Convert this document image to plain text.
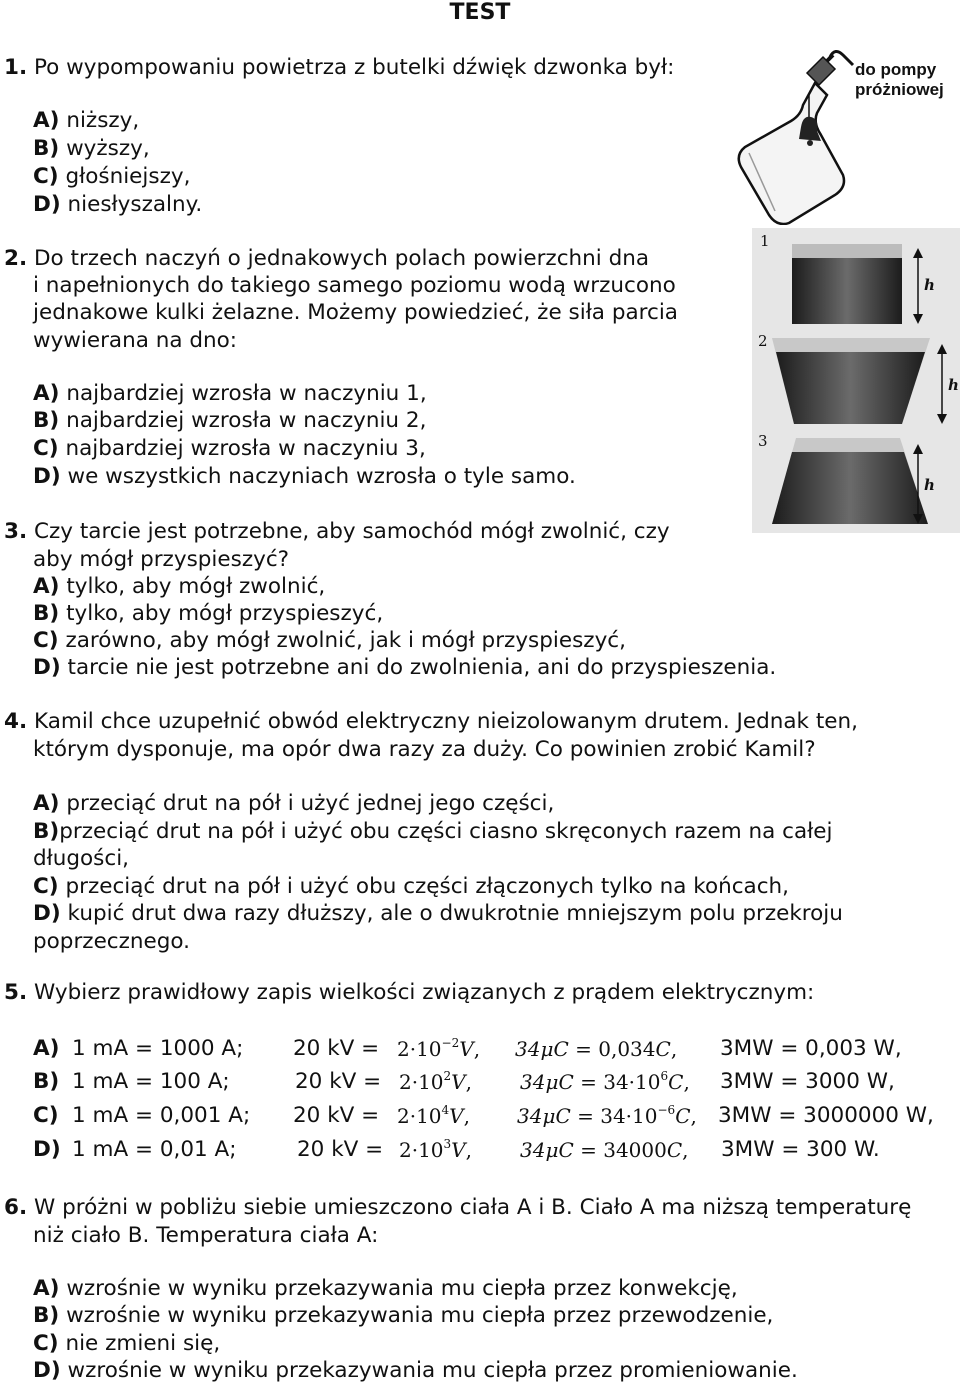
TEST
1. Po wypompowaniu powietrza z butelki dźwięk dzwonka był:
A) niższy,
B) wyższy,
C) głośniejszy,
D) niesłyszalny.
do pompy
próżniowej
2. Do trzech naczyń o jednakowych polach powierzchni dna
i napełnionych do takiego samego poziomu wodą wrzucono
jednakowe kulki żelazne. Możemy powiedzieć, że siła parcia
wywierana na dno:
A) najbardziej wzrosła w naczyniu 1,
B) najbardziej wzrosła w naczyniu 2,
C) najbardziej wzrosła w naczyniu 3,
D) we wszystkich naczyniach wzrosła o tyle samo.
1
2
3
h
h
h
3. Czy tarcie jest potrzebne, aby samochód mógł zwolnić, czy
aby mógł przyspieszyć?
A) tylko, aby mógł zwolnić,
B) tylko, aby mógł przyspieszyć,
C) zarówno, aby mógł zwolnić, jak i mógł przyspieszyć,
D) tarcie nie jest potrzebne ani do zwolnienia, ani do przyspieszenia.
4. Kamil chce uzupełnić obwód elektryczny nieizolowanym drutem. Jednak ten,
którym dysponuje, ma opór dwa razy za duży. Co powinien zrobić Kamil?
A) przeciąć drut na pół i użyć jednej jego części,
B)przeciąć drut na pół i użyć obu części ciasno skręconych razem na całej
długości,
C) przeciąć drut na pół i użyć obu części złączonych tylko na końcach,
D) kupić drut dwa razy dłuższy, ale o dwukrotnie mniejszym polu przekroju
poprzecznego.
5. Wybierz prawidłowy zapis wielkości związanych z prądem elektrycznym:
A) 1 mA = 1000 A; 20 kV = $2\cdot 10^{-2}V$, 34μC = 0,034C, 3MW = 0,003 W,
B) 1 mA = 100 A;	20 kV = $2\cdot 10^2V$, $34\mu C = 34\cdot 10^6C$, 3MW = 3000 W,
C) 1 mA = 0,001 A; 20 kV = $2\cdot 10^4V$, $34\mu C = 34\cdot 10^{-6}C$, 3MW = 3000000 W,
D) 1 mA = 0,01 A;	20 kV = $2\cdot 10^3V$, 34μC = 34000C, 3MW = 300 W.
6. W próżni w pobliżu siebie umieszczono ciała A i B. Ciało A ma niższą temperaturę
niż ciało B. Temperatura ciała A:
A) wzrośnie w wyniku przekazywania mu ciepła przez konwekcję,
B) wzrośnie w wyniku przekazywania mu ciepła przez przewodzenie,
C) nie zmieni się,
D) wzrośnie w wyniku przekazywania mu ciepła przez promieniowanie.
